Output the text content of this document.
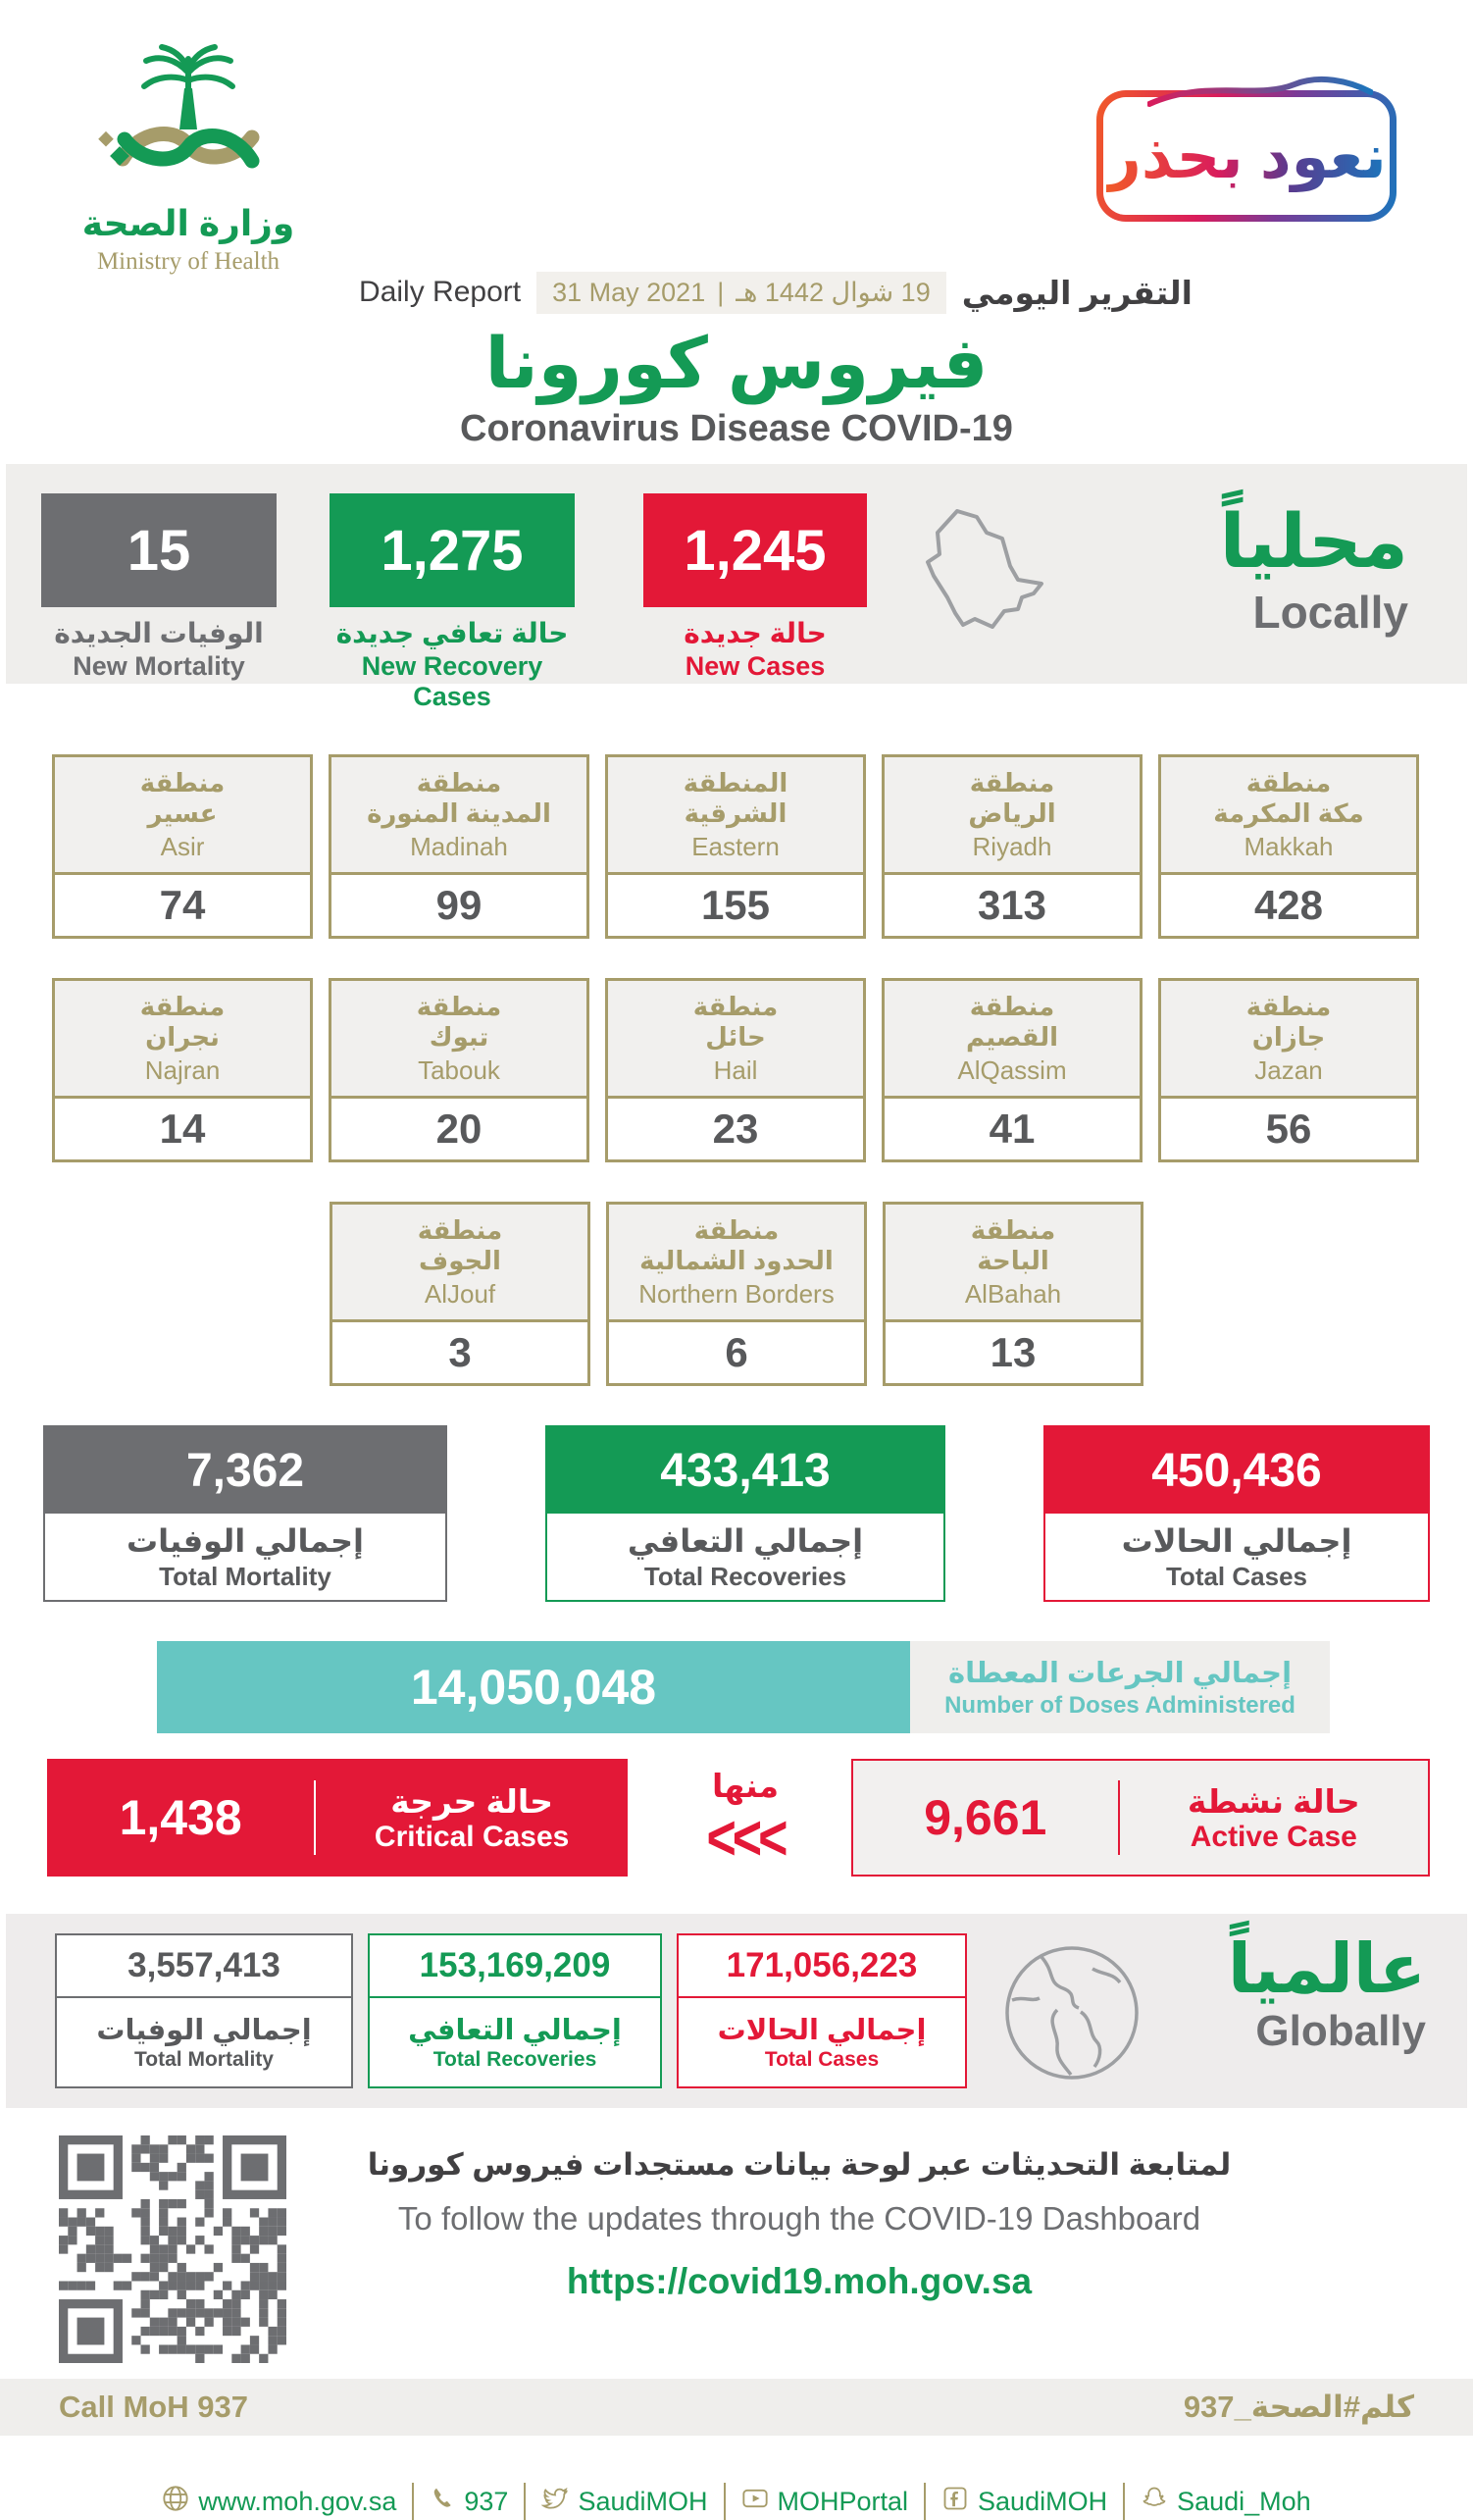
وزارة الصحة
Ministry of Health
نعود بحذر
Daily Report 31 May 2021 | 19 شوال 1442 هـ التقرير اليومي
فيروس كورونا
Coronavirus Disease COVID-19
15
الوفيات الجديدة
New Mortality
1,275
حالة تعافي جديدة
New Recovery Cases
1,245
حالة جديدة
New Cases
محلياً
Locally
منطقة
عسير
Asir
74
منطقة
المدينة المنورة
Madinah
99
المنطقة
الشرقية
Eastern
155
منطقة
الرياض
Riyadh
313
منطقة
مكة المكرمة
Makkah
428
منطقة
نجران
Najran
14
منطقة
تبوك
Tabouk
20
منطقة
حائل
Hail
23
منطقة
القصيم
AlQassim
41
منطقة
جازان
Jazan
56
منطقة
الجوف
AlJouf
3
منطقة
الحدود الشمالية
Northern Borders
6
منطقة
الباحة
AlBahah
13
7,362
إجمالي الوفيات
Total Mortality
433,413
إجمالي التعافي
Total Recoveries
450,436
إجمالي الحالات
Total Cases
14,050,048	إجمالي الجرعات المعطاة
Number of Doses Administered
1,438	حالة حرجة
Critical Cases
منها
<<<	9,661	حالة نشطة
Active Case
3,557,413
إجمالي الوفيات
Total Mortality
153,169,209
إجمالي التعافي
Total Recoveries
171,056,223
إجمالي الحالات
Total Cases
عالمياً
Globally
لمتابعة التحديثات عبر لوحة بيانات مستجدات فيروس كورونا
To follow the updates through the COVID-19 Dashboard
https://covid19.moh.gov.sa
Call MoH 937	كلم#الصحة_937
www.moh.gov.sa	937	SaudiMOH	MOHPortal	SaudiMOH	Saudi_Moh
